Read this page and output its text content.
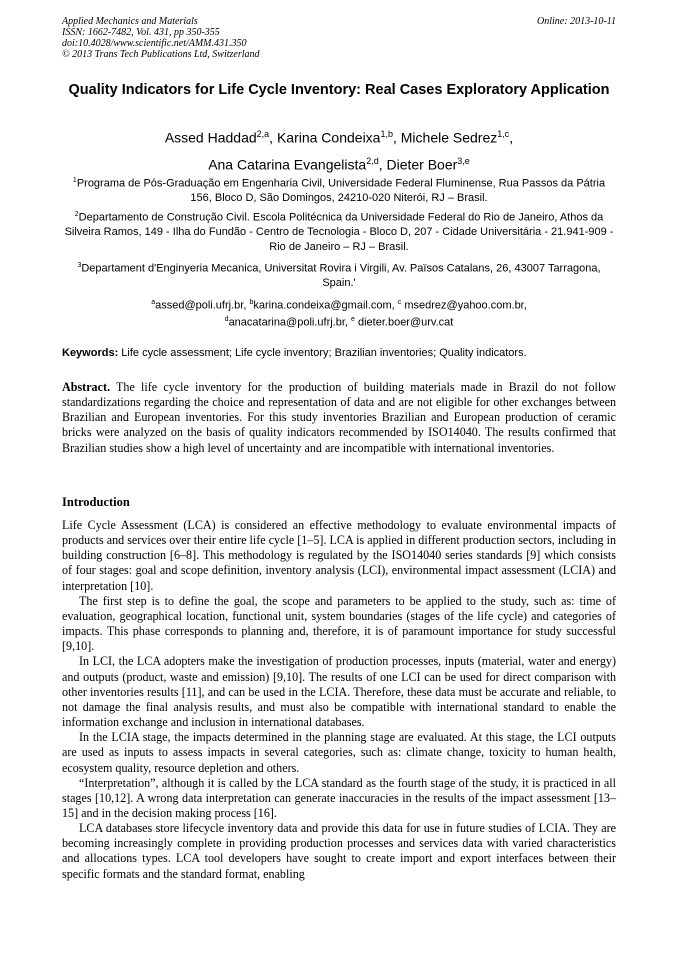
Applied Mechanics and Materials
ISSN: 1662-7482, Vol. 431, pp 350-355
doi:10.4028/www.scientific.net/AMM.431.350
© 2013 Trans Tech Publications Ltd, Switzerland
Online: 2013-10-11
Quality Indicators for Life Cycle Inventory: Real Cases Exploratory Application
Assed Haddad$^{2,a}$, Karina Condeixa$^{1,b}$, Michele Sedrez$^{1,c}$,
Ana Catarina Evangelista$^{2,d}$, Dieter Boer$^{3,e}$
$^1$Programa de Pós-Graduação em Engenharia Civil, Universidade Federal Fluminense, Rua Passos da Pátria 156, Bloco D, São Domingos, 24210-020 Niterói, RJ – Brasil.
$^2$Departamento de Construção Civil. Escola Politécnica da Universidade Federal do Rio de Janeiro, Athos da Silveira Ramos, 149 - Ilha do Fundão - Centro de Tecnologia - Bloco D, 207 - Cidade Universitária - 21.941-909 - Rio de Janeiro – RJ – Brasil.
$^3$Departament d'Enginyeria Mecanica, Universitat Rovira i Virgili, Av. Països Catalans, 26, 43007 Tarragona, Spain.'
$^a$assed@poli.ufrj.br, $^b$karina.condeixa@gmail.com, $^c$ msedrez@yahoo.com.br,
$^d$anacatarina@poli.ufrj.br, $^e$ dieter.boer@urv.cat
Keywords: Life cycle assessment; Life cycle inventory; Brazilian inventories; Quality indicators.
Abstract. The life cycle inventory for the production of building materials made in Brazil do not follow standardizations regarding the choice and representation of data and are not eligible for other exchanges between Brazilian and European inventories. For this study inventories Brazilian and European production of ceramic bricks were analyzed on the basis of quality indicators recommended by ISO14040. The results confirmed that Brazilian studies show a high level of uncertainty and are incompatible with international inventories.
Introduction

Life Cycle Assessment (LCA) is considered an effective methodology to evaluate environmental impacts of products and services over their entire life cycle [1–5]. LCA is applied in different production sectors, including in building construction [6–8]. This methodology is regulated by the ISO14040 series standards [9] which consists of four stages: goal and scope definition, inventory analysis (LCI), environmental impact assessment (LCIA) and interpretation [10].

The first step is to define the goal, the scope and parameters to be applied to the study, such as: time of evaluation, geographical location, functional unit, system boundaries (stages of the life cycle) and categories of impacts. This phase corresponds to planning and, therefore, it is of paramount importance for study successful [9,10].

In LCI, the LCA adopters make the investigation of production processes, inputs (material, water and energy) and outputs (product, waste and emission) [9,10]. The results of one LCI can be used for direct comparison with other inventories results [11], and can be used in the LCIA. Therefore, these data must be accurate and reliable, to not damage the final analysis results, and must also be compatible with international standard to enable the information exchange and inclusion in international databases.

In the LCIA stage, the impacts determined in the planning stage are evaluated. At this stage, the LCI outputs are used as inputs to assess impacts in several categories, such as: climate change, toxicity to human health, ecosystem quality, resource depletion and others.

“Interpretation”, although it is called by the LCA standard as the fourth stage of the study, it is practiced in all stages [10,12]. A wrong data interpretation can generate inaccuracies in the results of the impact assessment [13–15] and in the decision making process [16].

LCA databases store lifecycle inventory data and provide this data for use in future studies of LCIA. They are becoming increasingly complete in providing production processes and services data with varied characteristics and allocations types. LCA tool developers have sought to create import and export interfaces between their specific formats and the standard format, enabling
